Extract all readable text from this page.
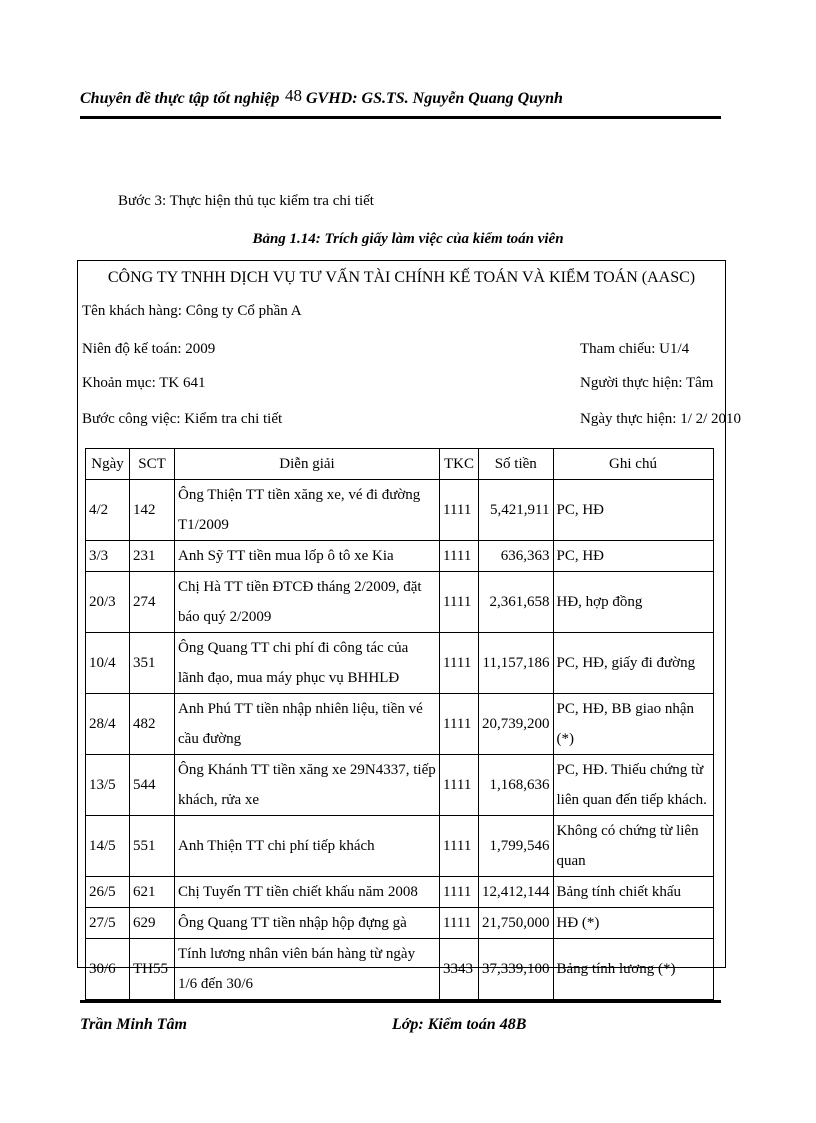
Chuyên đề thực tập tốt nghiệp 48 GVHD: GS.TS. Nguyễn Quang Quynh
Bước 3: Thực hiện thủ tục kiểm tra chi tiết
Bảng 1.14: Trích giấy làm việc của kiểm toán viên
CÔNG TY TNHH DỊCH VỤ TƯ VẤN TÀI CHÍNH KẾ TOÁN VÀ KIỂM TOÁN (AASC)
Tên khách hàng: Công ty Cổ phần A
Niên độ kế toán: 2009	Tham chiếu: U1/4
Khoản mục: TK 641	Người thực hiện: Tâm
Bước công việc: Kiểm tra chi tiết	Ngày thực hiện: 1/ 2/ 2010
Ngày	SCT	Diễn giải	TKC	Số tiền	Ghi chú
4/2	142	Ông Thiện TT tiền xăng xe, vé đi đường T1/2009	1111	5,421,911	PC, HĐ
3/3	231	Anh Sỹ TT tiền mua lốp ô tô xe Kia	1111	636,363	PC, HĐ
20/3	274	Chị Hà TT tiền ĐTCĐ tháng 2/2009, đặt báo quý 2/2009	1111	2,361,658	HĐ, hợp đồng
10/4	351	Ông Quang TT chi phí đi công tác của lãnh đạo, mua máy phục vụ BHHLĐ	1111	11,157,186	PC, HĐ, giấy đi đường
28/4	482	Anh Phú TT tiền nhập nhiên liệu, tiền vé cầu đường	1111	20,739,200	PC, HĐ, BB giao nhận (*)
13/5	544	Ông Khánh TT tiền xăng xe 29N4337, tiếp khách, rửa xe	1111	1,168,636	PC, HĐ. Thiếu chứng từ liên quan đến tiếp khách.
14/5	551	Anh Thiện TT chi phí tiếp khách	1111	1,799,546	Không có chứng từ liên quan
26/5	621	Chị Tuyến TT tiền chiết khấu năm 2008	1111	12,412,144	Bảng tính chiết khấu
27/5	629	Ông Quang TT tiền nhập hộp đựng gà	1111	21,750,000	HĐ (*)
30/6	TH55	Tính lương nhân viên bán hàng từ ngày 1/6 đến 30/6	3343	37,339,100	Bảng tính lương (*)
Trần Minh Tâm	Lớp: Kiểm toán 48B
